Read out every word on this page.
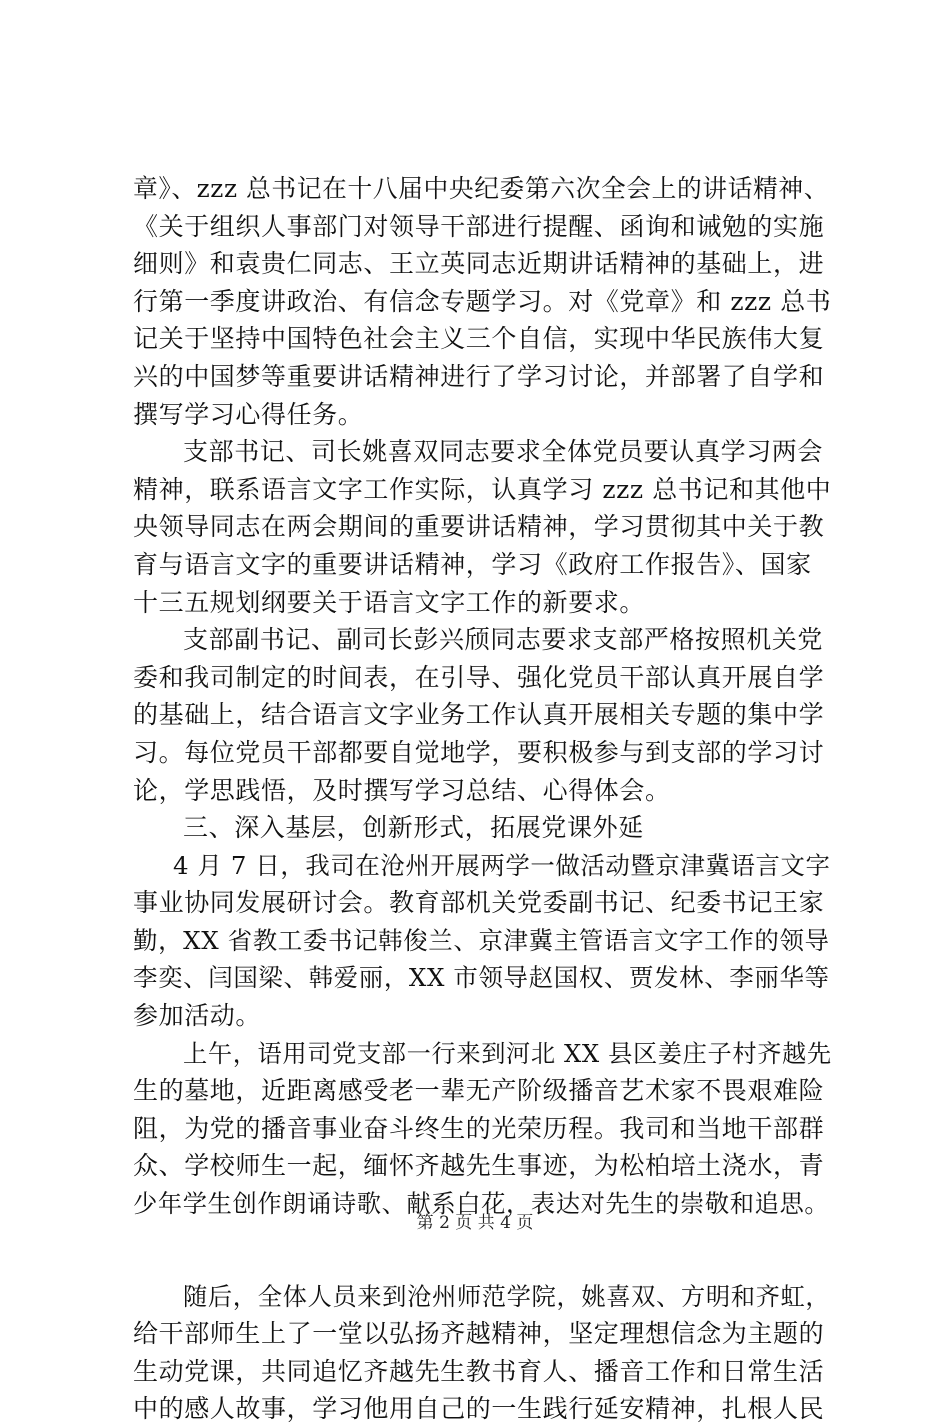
章》、zzz 总书记在十八届中央纪委第六次全会上的讲话精神、
《关于组织人事部门对领导干部进行提醒、函询和诫勉的实施
细则》和袁贵仁同志、王立英同志近期讲话精神的基础上，进
行第一季度讲政治、有信念专题学习。对《党章》和 zzz 总书
记关于坚持中国特色社会主义三个自信，实现中华民族伟大复
兴的中国梦等重要讲话精神进行了学习讨论，并部署了自学和
撰写学习心得任务。
支部书记、司长姚喜双同志要求全体党员要认真学习两会
精神，联系语言文字工作实际，认真学习 zzz 总书记和其他中
央领导同志在两会期间的重要讲话精神，学习贯彻其中关于教
育与语言文字的重要讲话精神，学习《政府工作报告》、国家
十三五规划纲要关于语言文字工作的新要求。
支部副书记、副司长彭兴颀同志要求支部严格按照机关党
委和我司制定的时间表，在引导、强化党员干部认真开展自学
的基础上，结合语言文字业务工作认真开展相关专题的集中学
习。每位党员干部都要自觉地学，要积极参与到支部的学习讨
论，学思践悟，及时撰写学习总结、心得体会。
三、深入基层，创新形式，拓展党课外延
4 月 7 日，我司在沧州开展两学一做活动暨京津冀语言文字
事业协同发展研讨会。教育部机关党委副书记、纪委书记王家
勤，XX 省教工委书记韩俊兰、京津冀主管语言文字工作的领导
李奕、闫国梁、韩爱丽，XX 市领导赵国权、贾发林、李丽华等
参加活动。
上午，语用司党支部一行来到河北 XX 县区姜庄子村齐越先
生的墓地，近距离感受老一辈无产阶级播音艺术家不畏艰难险
阻，为党的播音事业奋斗终生的光荣历程。我司和当地干部群
众、学校师生一起，缅怀齐越先生事迹，为松柏培土浇水，青
少年学生创作朗诵诗歌、献系白花，表达对先生的崇敬和追思。
随后，全体人员来到沧州师范学院，姚喜双、方明和齐虹，
给干部师生上了一堂以弘扬齐越精神，坚定理想信念为主题的
生动党课，共同追忆齐越先生教书育人、播音工作和日常生活
中的感人故事，学习他用自己的一生践行延安精神，扎根人民
第 2 页 共 4 页
